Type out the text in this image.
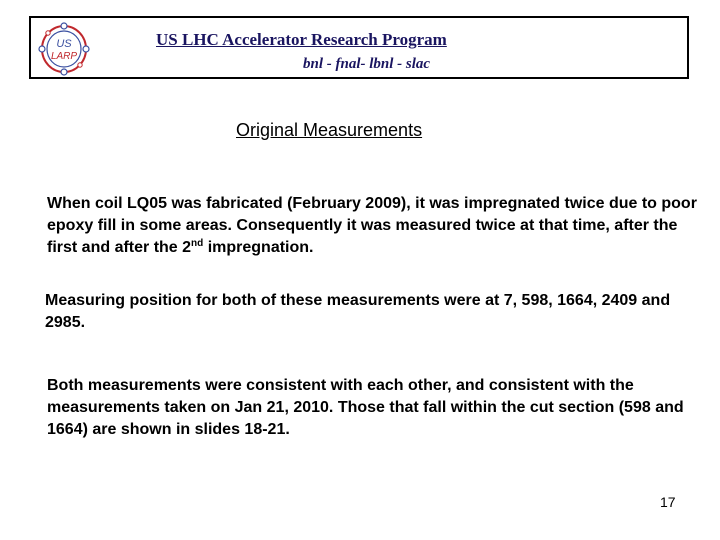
US
LARP
US LHC Accelerator Research Program
bnl - fnal- lbnl - slac
Original Measurements

When coil LQ05 was fabricated (February 2009), it was impregnated twice due to poor epoxy fill in some areas. Consequently it was measured twice at that time, after the first and after the 2nd impregnation.

Measuring position for both of these measurements were at 7, 598, 1664, 2409 and 2985.

Both measurements were consistent with each other, and consistent with the measurements taken on Jan 21, 2010. Those that fall within the cut section (598 and 1664) are shown in slides 18-21.

17
